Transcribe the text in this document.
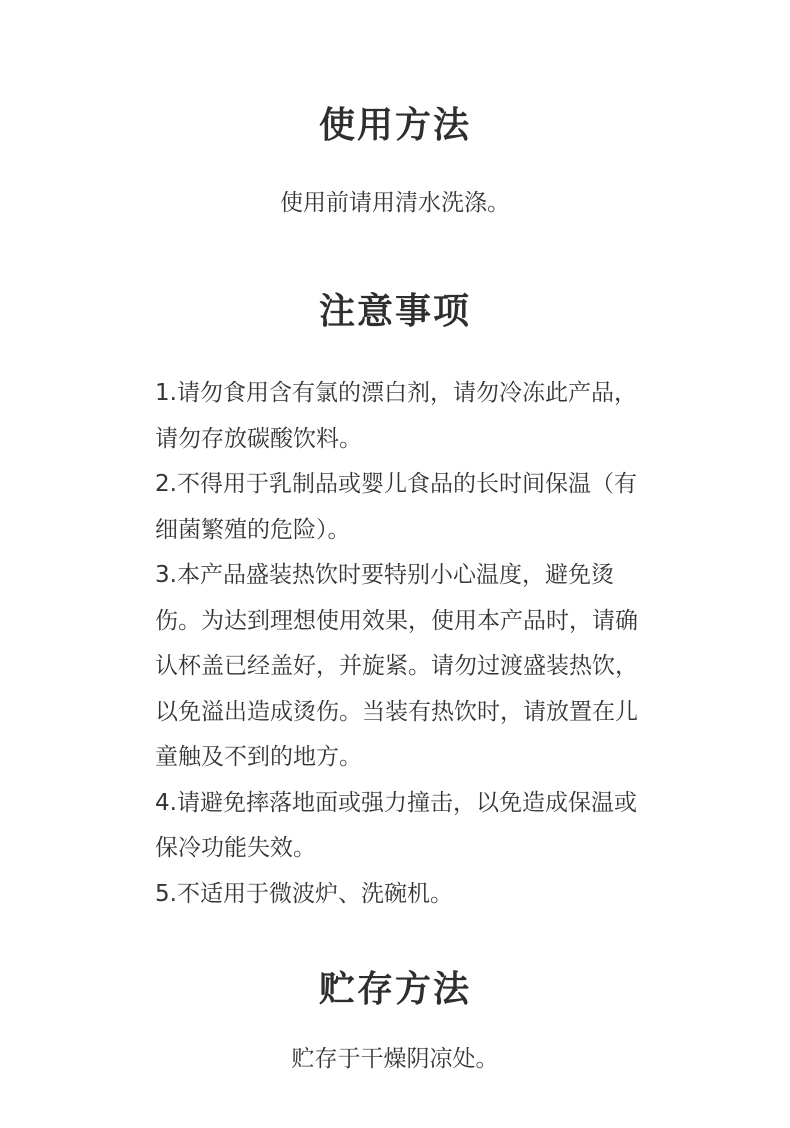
使用方法

使用前请用清水洗涤。

注意事项
1.请勿食用含有氯的漂白剂，请勿冷冻此产品，请勿存放碳酸饮料。
2.不得用于乳制品或婴儿食品的长时间保温（有细菌繁殖的危险）。
3.本产品盛装热饮时要特别小心温度，避免烫伤。为达到理想使用效果，使用本产品时，请确认杯盖已经盖好，并旋紧。请勿过渡盛装热饮，以免溢出造成烫伤。当装有热饮时，请放置在儿童触及不到的地方。
4.请避免摔落地面或强力撞击，以免造成保温或保冷功能失效。
5.不适用于微波炉、洗碗机。
贮存方法

贮存于干燥阴凉处。
